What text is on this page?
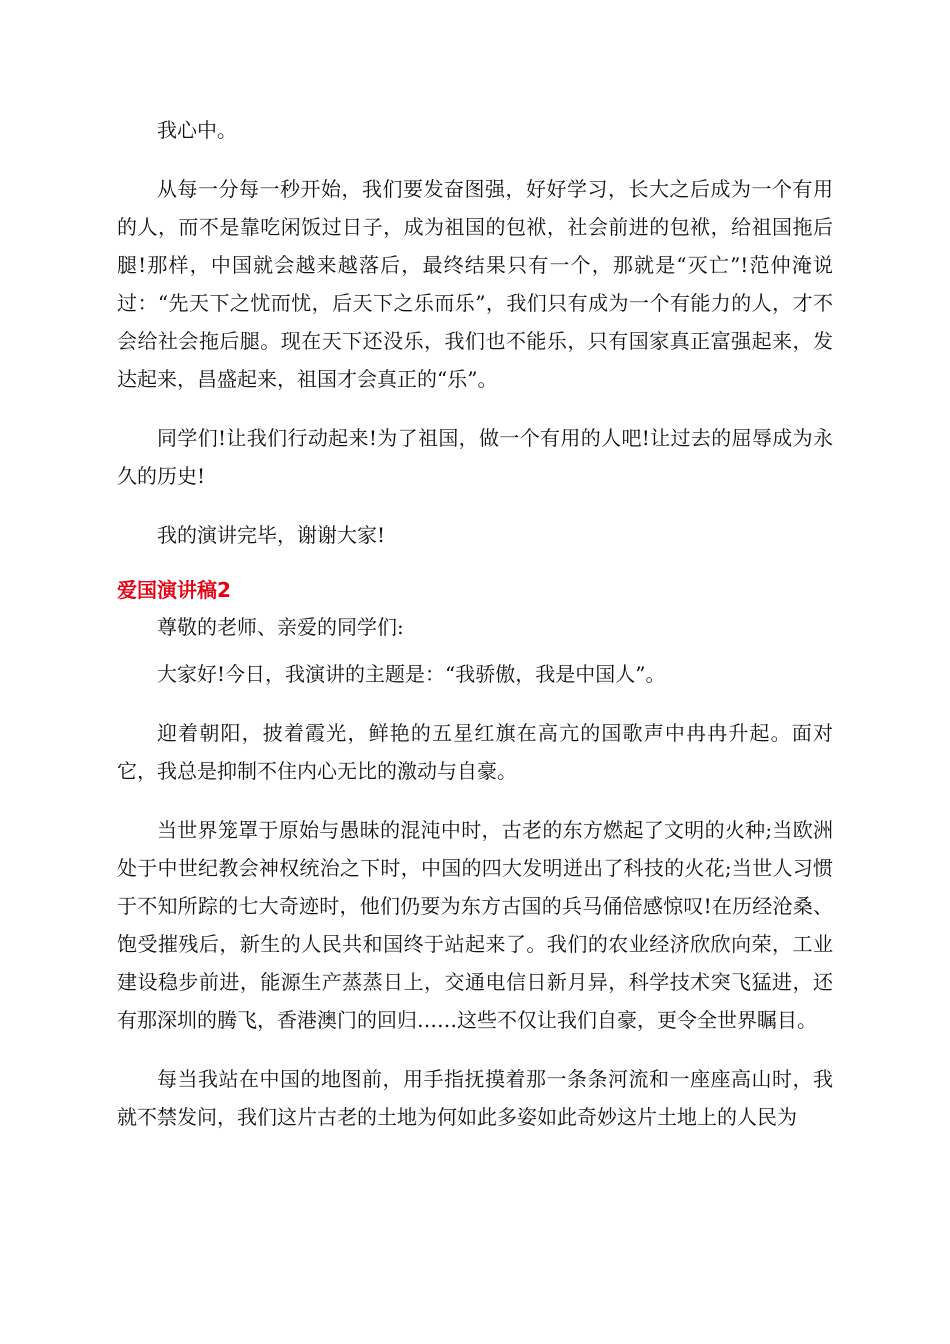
我心中。

从每一分每一秒开始，我们要发奋图强，好好学习，长大之后成为一个有用的人，而不是靠吃闲饭过日子，成为祖国的包袱，社会前进的包袱，给祖国拖后腿!那样，中国就会越来越落后，最终结果只有一个，那就是“灭亡”!范仲淹说过：“先天下之忧而忧，后天下之乐而乐”，我们只有成为一个有能力的人，才不会给社会拖后腿。现在天下还没乐，我们也不能乐，只有国家真正富强起来，发达起来，昌盛起来，祖国才会真正的“乐”。

同学们!让我们行动起来!为了祖国，做一个有用的人吧!让过去的屈辱成为永久的历史!

我的演讲完毕，谢谢大家!

爱国演讲稿2

尊敬的老师、亲爱的同学们:

大家好!今日，我演讲的主题是：“我骄傲，我是中国人”。

迎着朝阳，披着霞光，鲜艳的五星红旗在高亢的国歌声中冉冉升起。面对它，我总是抑制不住内心无比的激动与自豪。

当世界笼罩于原始与愚昧的混沌中时，古老的东方燃起了文明的火种;当欧洲处于中世纪教会神权统治之下时，中国的四大发明迸出了科技的火花;当世人习惯于不知所踪的七大奇迹时，他们仍要为东方古国的兵马俑倍感惊叹!在历经沧桑、饱受摧残后，新生的人民共和国终于站起来了。我们的农业经济欣欣向荣，工业建设稳步前进，能源生产蒸蒸日上，交通电信日新月异，科学技术突飞猛进，还有那深圳的腾飞，香港澳门的回归……这些不仅让我们自豪，更令全世界瞩目。

每当我站在中国的地图前，用手指抚摸着那一条条河流和一座座高山时，我就不禁发问，我们这片古老的土地为何如此多姿如此奇妙这片土地上的人民为
